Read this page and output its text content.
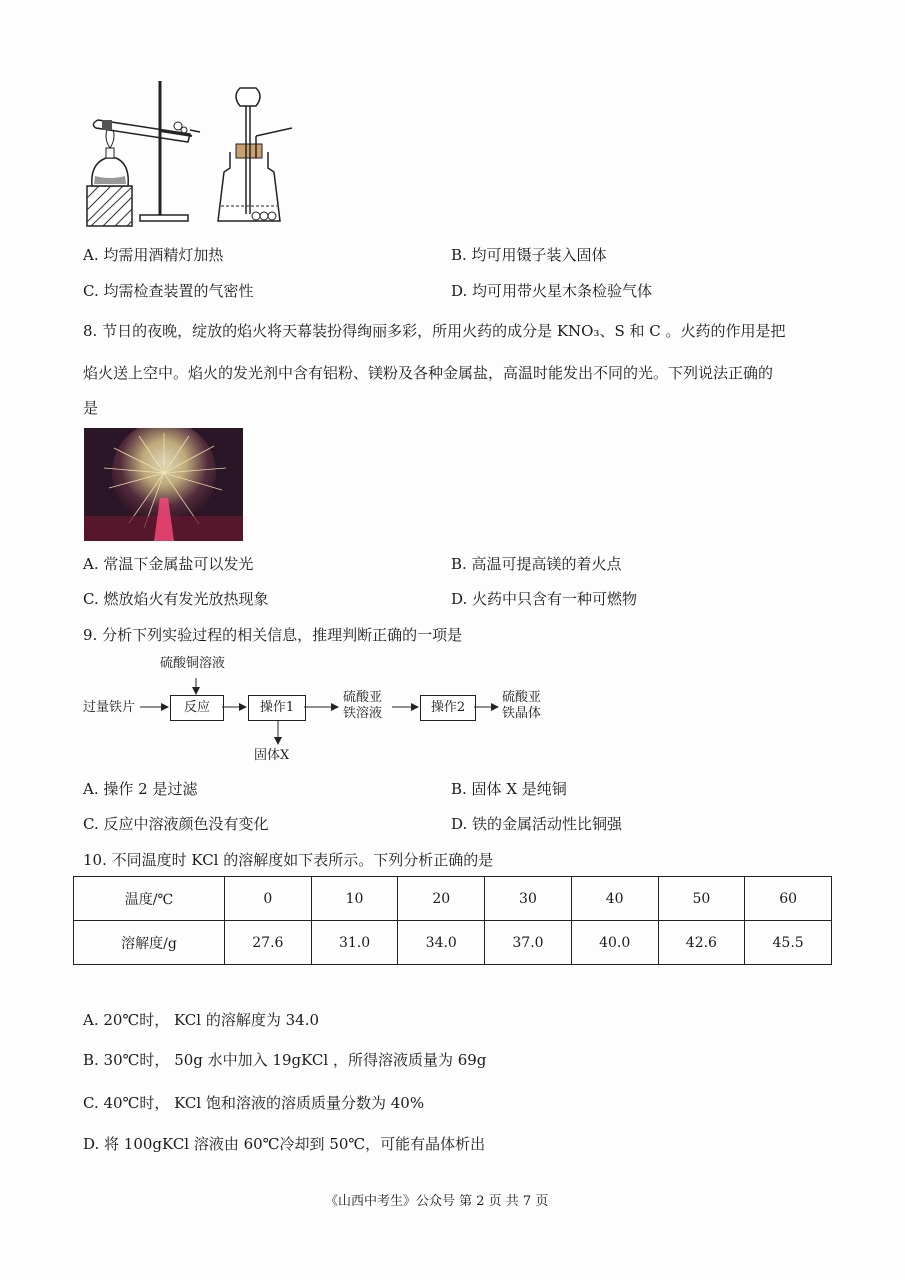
A. 均需用酒精灯加热	B. 均可用镊子装入固体
C. 均需检查装置的气密性	D. 均可用带火星木条检验气体
8. 节日的夜晚，绽放的焰火将天幕装扮得绚丽多彩，所用火药的成分是 KNO₃、S 和 C 。火药的作用是把
焰火送上空中。焰火的发光剂中含有铝粉、镁粉及各种金属盐，高温时能发出不同的光。下列说法正确的
是
A. 常温下金属盐可以发光	B. 高温可提高镁的着火点
C. 燃放焰火有发光放热现象	D. 火药中只含有一种可燃物
9. 分析下列实验过程的相关信息，推理判断正确的一项是
硫酸铜溶液
过量铁片	反应	操作1
固体X
硫酸亚
铁溶液	操作2
硫酸亚
铁晶体
A. 操作 2 是过滤	B. 固体 X 是纯铜
C. 反应中溶液颜色没有变化	D. 铁的金属活动性比铜强
10. 不同温度时 KCl 的溶解度如下表所示。下列分析正确的是
温度/℃	0	10	20	30	40	50	60
溶解度/g	27.6	31.0	34.0	37.0	40.0	42.6	45.5
A. 20℃时， KCl 的溶解度为 34.0
B. 30℃时， 50g 水中加入 19gKCl ，所得溶液质量为 69g
C. 40℃时， KCl 饱和溶液的溶质质量分数为 40%
D. 将 100gKCl 溶液由 60℃冷却到 50℃，可能有晶体析出
《山西中考生》公众号 第 2 页 共 7 页
